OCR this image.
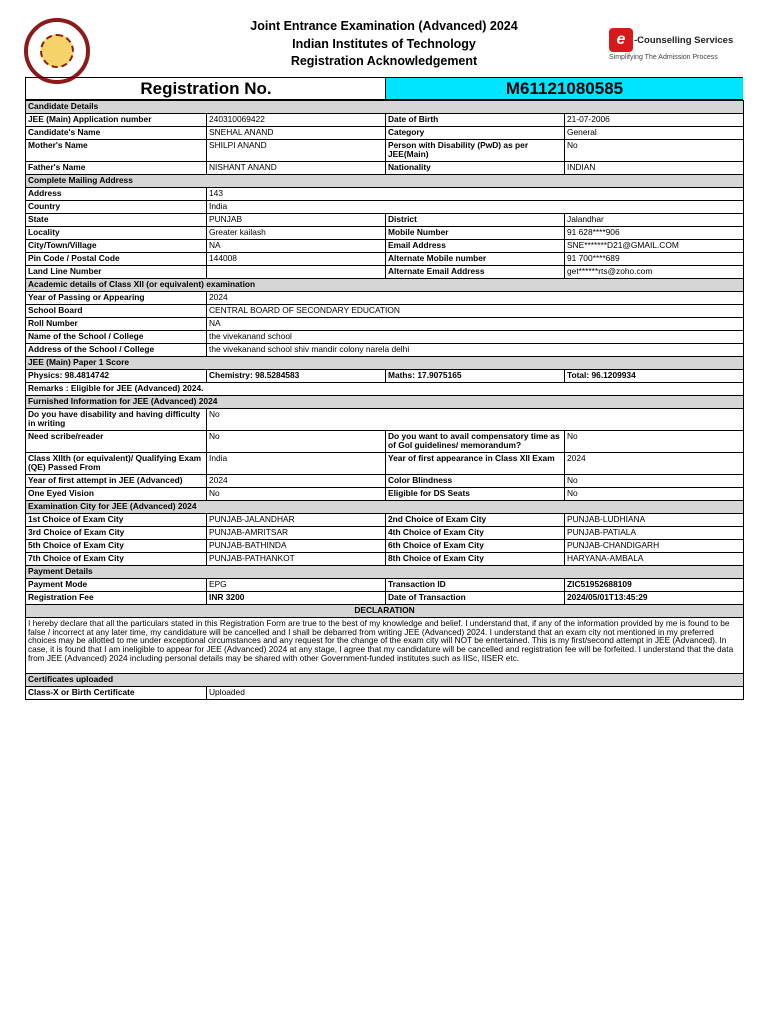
Joint Entrance Examination (Advanced) 2024
Indian Institutes of Technology
Registration Acknowledgement
e -Counselling Services
Simplifying The Admission Process
Registration No.	M61121080585
Candidate Details			
JEE (Main) Application number	240310069422	Date of Birth	21-07-2006
Candidate's Name	SNEHAL ANAND	Category	General
Mother's Name	SHILPI ANAND	Person with Disability (PwD) as per JEE(Main)	No
Father's Name	NISHANT ANAND	Nationality	INDIAN
Complete Mailing Address			
Address	143		
Country	India		
State	PUNJAB	District	Jalandhar
Locality	Greater kailash	Mobile Number	91 628****906
City/Town/Village	NA	Email Address	SNE*******D21@GMAIL.COM
Pin Code / Postal Code	144008	Alternate Mobile number	91 700****689
Land Line Number		Alternate Email Address	get******rts@zoho.com
Academic details of Class XII (or equivalent) examination			
Year of Passing or Appearing	2024		
School Board	CENTRAL BOARD OF SECONDARY EDUCATION		
Roll Number	NA		
Name of the School / College	the vivekanand school		
Address of the School / College	the vivekanand school shiv mandir colony narela delhi		
JEE (Main) Paper 1 Score			
Physics: 98.4814742	Chemistry: 98.5284583	Maths: 17.9075165	Total: 96.1209934
Remarks : Eligible for JEE (Advanced) 2024.			
Furnished Information for JEE (Advanced) 2024			
Do you have disability and having difficulty in writing	No		
Need scribe/reader	No	Do you want to avail compensatory time as of GoI guidelines/ memorandum?	No
Class XIIth (or equivalent)/ Qualifying Exam (QE) Passed From	India	Year of first appearance in Class XII Exam	2024
Year of first attempt in JEE (Advanced)	2024	Color Blindness	No
One Eyed Vision	No	Eligible for DS Seats	No
Examination City for JEE (Advanced) 2024			
1st Choice of Exam City	PUNJAB-JALANDHAR	2nd Choice of Exam City	PUNJAB-LUDHIANA
3rd Choice of Exam City	PUNJAB-AMRITSAR	4th Choice of Exam City	PUNJAB-PATIALA
5th Choice of Exam City	PUNJAB-BATHINDA	6th Choice of Exam City	PUNJAB-CHANDIGARH
7th Choice of Exam City	PUNJAB-PATHANKOT	8th Choice of Exam City	HARYANA-AMBALA
Payment Details			
Payment Mode	EPG	Transaction ID	ZIC51952688109
Registration Fee	INR 3200	Date of Transaction	2024/05/01T13:45:29
DECLARATION			
I hereby declare that all the particulars stated in this Registration Form are true to the best of my knowledge and belief. I understand that, if any of the information provided by me is found to be false / incorrect at any later time, my candidature will be cancelled and I shall be debarred from writing JEE (Advanced) 2024. I understand that an exam city not mentioned in my preferred choices may be allotted to me under exceptional circumstances and any request for the change of the exam city will NOT be entertained. This is my first/second attempt in JEE (Advanced). In case, it is found that I am ineligible to appear for JEE (Advanced) 2024 at any stage, I agree that my candidature will be cancelled and registration fee will be forfeited. I understand that the data from JEE (Advanced) 2024 including personal details may be shared with other Government-funded institutes such as IISc, IISER etc.			
Certificates uploaded			
Class-X or Birth Certificate	Uploaded		
